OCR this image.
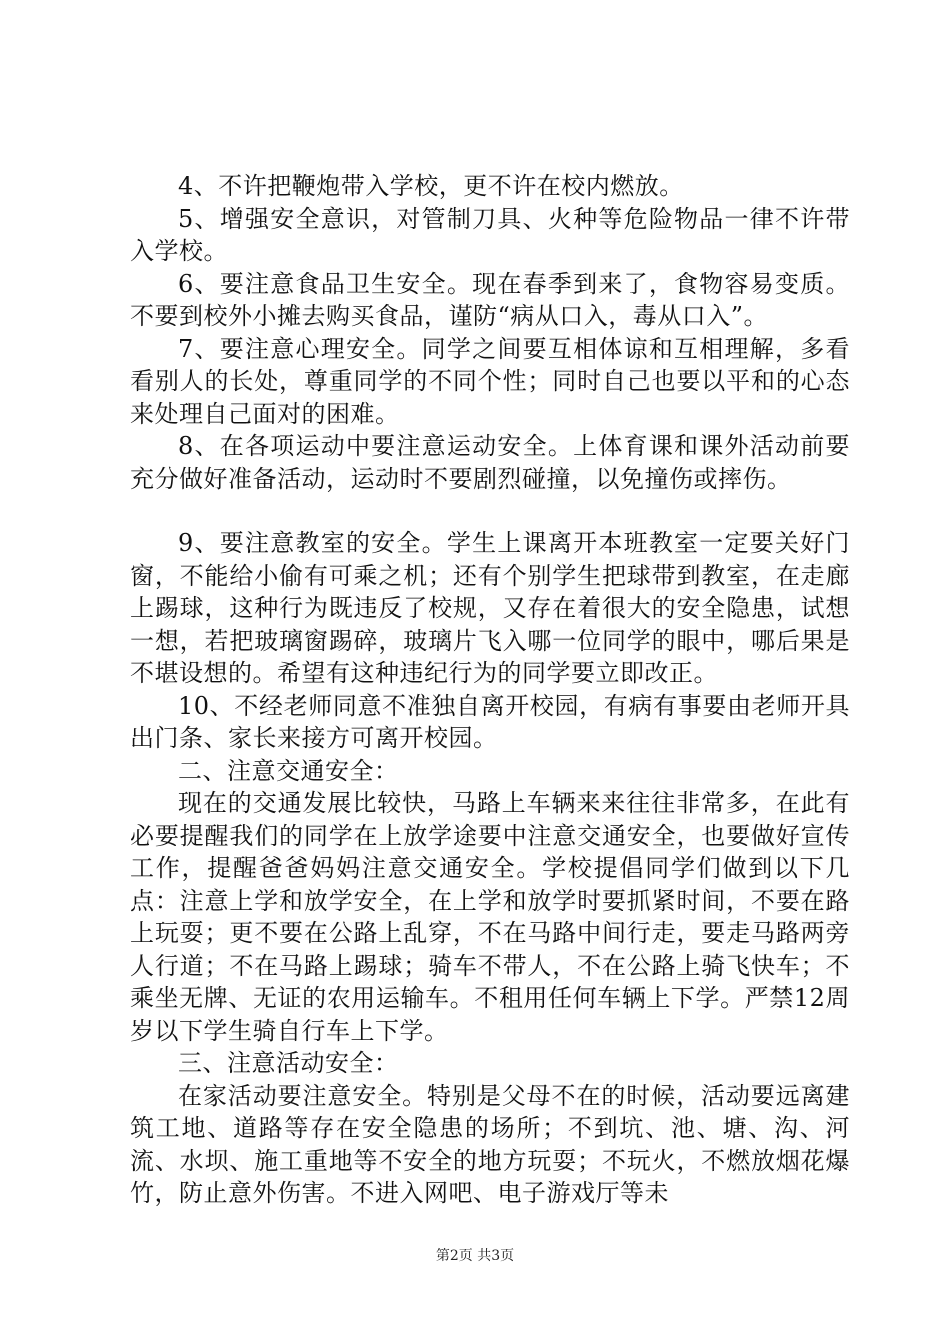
4、不许把鞭炮带入学校，更不许在校内燃放。

5、增强安全意识，对管制刀具、火种等危险物品一律不许带入学校。

6、要注意食品卫生安全。现在春季到来了，食物容易变质。不要到校外小摊去购买食品，谨防“病从口入，毒从口入”。

7、要注意心理安全。同学之间要互相体谅和互相理解，多看看别人的长处，尊重同学的不同个性；同时自己也要以平和的心态来处理自己面对的困难。

8、在各项运动中要注意运动安全。上体育课和课外活动前要充分做好准备活动，运动时不要剧烈碰撞，以免撞伤或摔伤。

9、要注意教室的安全。学生上课离开本班教室一定要关好门窗，不能给小偷有可乘之机；还有个别学生把球带到教室，在走廊上踢球，这种行为既违反了校规，又存在着很大的安全隐患，试想一想，若把玻璃窗踢碎，玻璃片飞入哪一位同学的眼中，哪后果是不堪设想的。希望有这种违纪行为的同学要立即改正。

10、不经老师同意不准独自离开校园，有病有事要由老师开具出门条、家长来接方可离开校园。

二、注意交通安全：

现在的交通发展比较快，马路上车辆来来往往非常多，在此有必要提醒我们的同学在上放学途要中注意交通安全，也要做好宣传工作，提醒爸爸妈妈注意交通安全。学校提倡同学们做到以下几点：注意上学和放学安全，在上学和放学时要抓紧时间，不要在路上玩耍；更不要在公路上乱穿，不在马路中间行走，要走马路两旁人行道；不在马路上踢球；骑车不带人，不在公路上骑飞快车；不乘坐无牌、无证的农用运输车。不租用任何车辆上下学。严禁12周岁以下学生骑自行车上下学。

三、注意活动安全：

在家活动要注意安全。特别是父母不在的时候，活动要远离建筑工地、道路等存在安全隐患的场所；不到坑、池、塘、沟、河流、水坝、施工重地等不安全的地方玩耍；不玩火，不燃放烟花爆竹，防止意外伤害。不进入网吧、电子游戏厅等未

第2页 共3页
